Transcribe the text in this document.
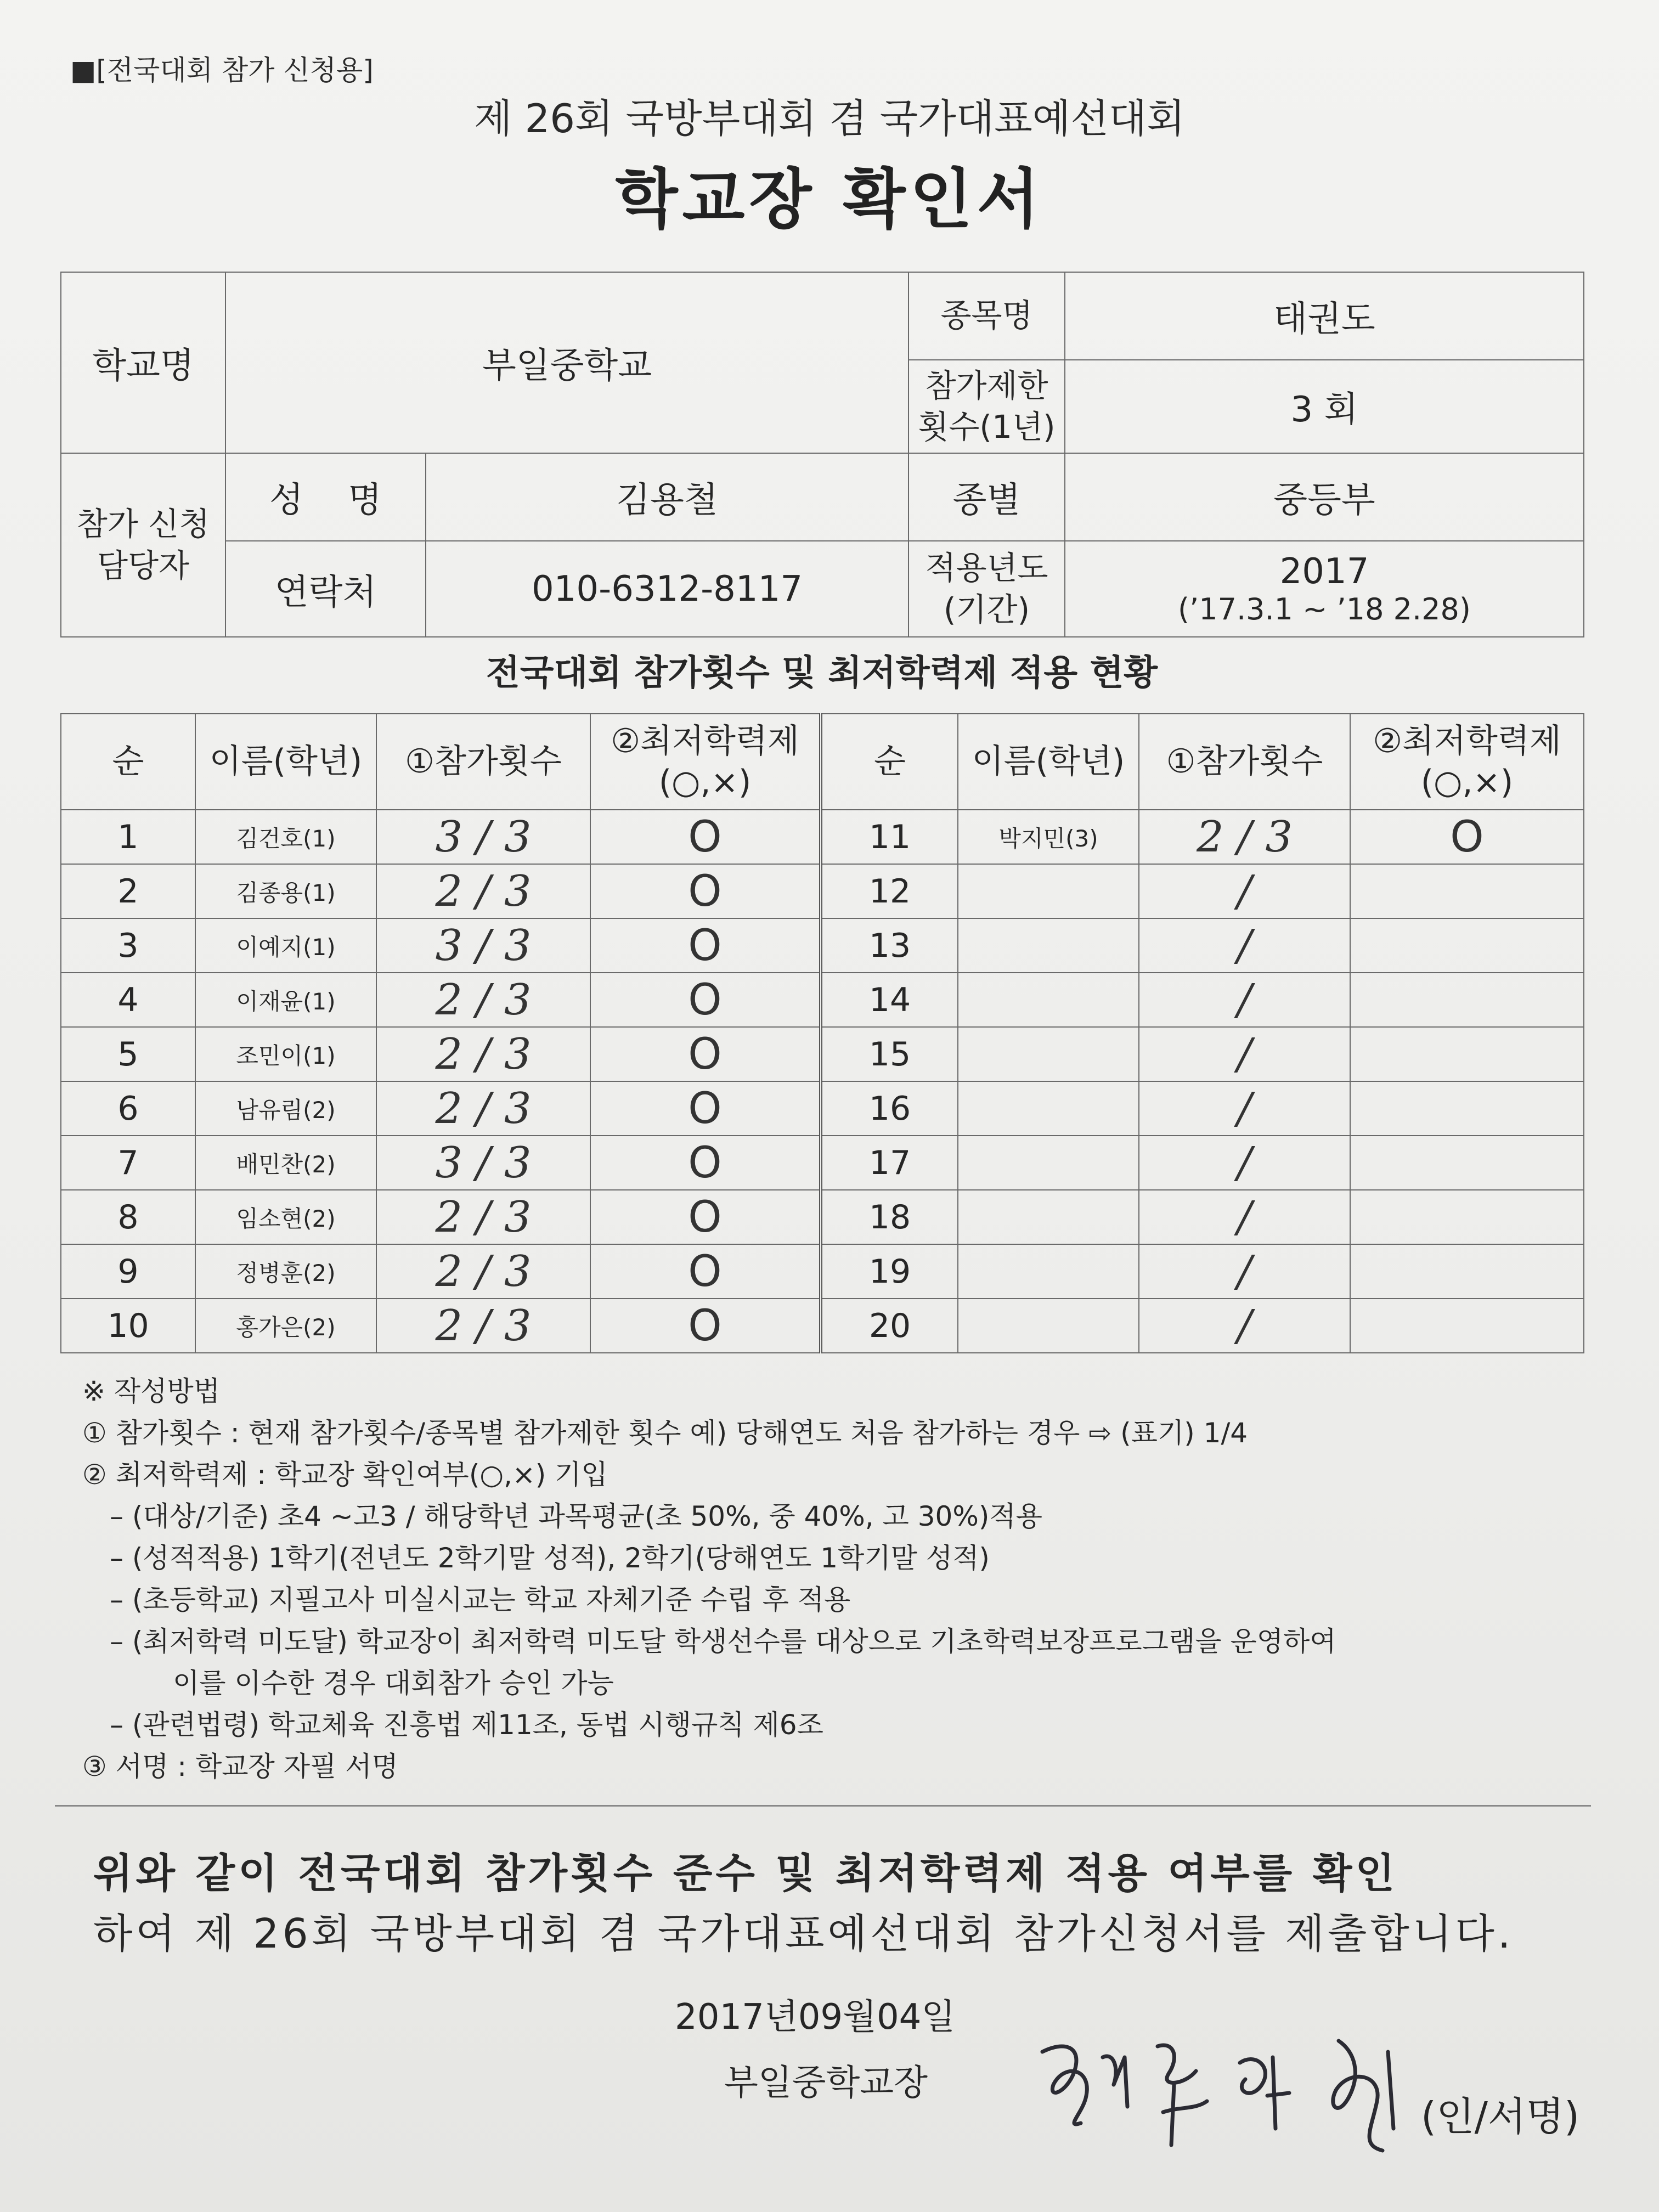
■[전국대회 참가 신청용]
제 26회 국방부대회 겸 국가대표예선대회
학교장 확인서
학교명	부일중학교		종목명	태권도
			참가제한 횟수(1년)	3 회
참가 신청 담당자	성    명	김용철	종별	중등부
	연락처	010-6312-8117	적용년도 (기간)	2017
(’17.3.1 ~ ’18 2.28)
전국대회 참가횟수 및 최저학력제 적용 현황
순	이름(학년)	①참가횟수	②최저학력제 (○,×)	순	이름(학년)	①참가횟수	②최저학력제 (○,×)
1	김건호(1)	3 / 3	O	11	박지민(3)	2 / 3	O
2	김종용(1)	2 / 3	O	12		/	
3	이예지(1)	3 / 3	O	13		/	
4	이재윤(1)	2 / 3	O	14		/	
5	조민이(1)	2 / 3	O	15		/	
6	남유림(2)	2 / 3	O	16		/	
7	배민찬(2)	3 / 3	O	17		/	
8	임소현(2)	2 / 3	O	18		/	
9	정병훈(2)	2 / 3	O	19		/	
10	홍가은(2)	2 / 3	O	20		/	
※ 작성방법
① 참가횟수 : 현재 참가횟수/종목별 참가제한 횟수 예) 당해연도 처음 참가하는 경우 ⇨ (표기) 1/4
② 최저학력제 : 학교장 확인여부(○,×) 기입
– (대상/기준) 초4 ~고3 / 해당학년 과목평균(초 50%, 중 40%, 고 30%)적용
– (성적적용) 1학기(전년도 2학기말 성적), 2학기(당해연도 1학기말 성적)
– (초등학교) 지필고사 미실시교는 학교 자체기준 수립 후 적용
– (최저학력 미도달) 학교장이 최저학력 미도달 학생선수를 대상으로 기초학력보장프로그램을 운영하여
이를 이수한 경우 대회참가 승인 가능
– (관련법령) 학교체육 진흥법 제11조, 동법 시행규칙 제6조
③ 서명 : 학교장 자필 서명
위와 같이 전국대회 참가횟수 준수 및 최저학력제 적용 여부를 확인
하여 제 26회 국방부대회 겸 국가대표예선대회 참가신청서를 제출합니다.
2017년09월04일
부일중학교장
(인/서명)
